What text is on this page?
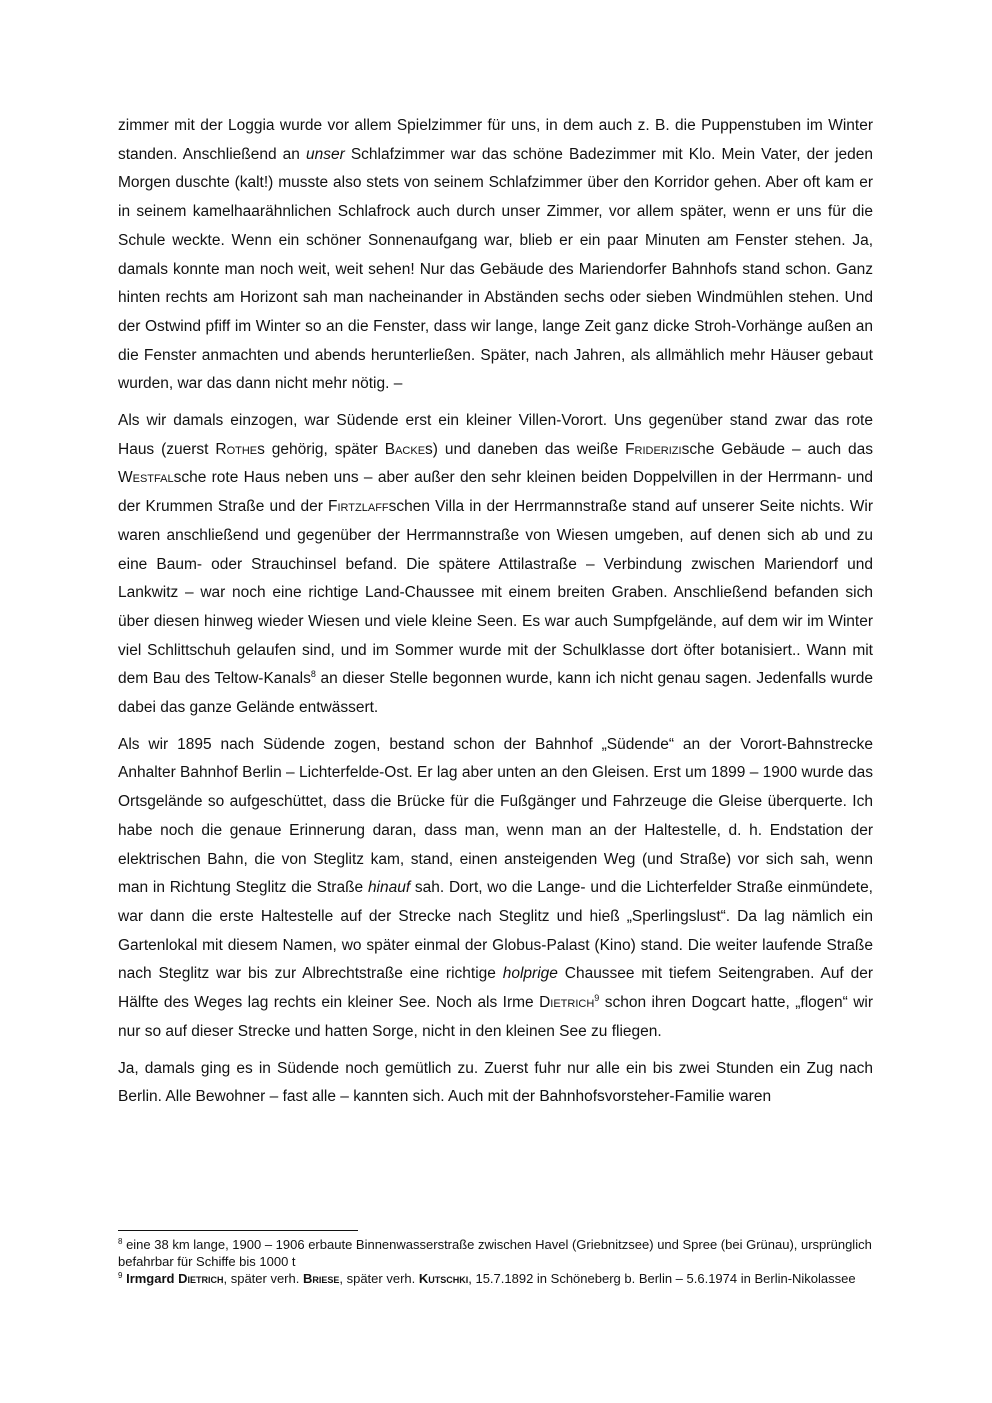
zimmer mit der Loggia wurde vor allem Spielzimmer für uns, in dem auch z. B. die Puppenstuben im Winter standen. Anschließend an unser Schlafzimmer war das schöne Badezimmer mit Klo. Mein Vater, der jeden Morgen duschte (kalt!) musste also stets von seinem Schlafzimmer über den Korridor gehen. Aber oft kam er in seinem kamelhaarähnlichen Schlafrock auch durch unser Zimmer, vor allem später, wenn er uns für die Schule weckte. Wenn ein schöner Sonnenaufgang war, blieb er ein paar Minuten am Fenster stehen. Ja, damals konnte man noch weit, weit sehen! Nur das Gebäude des Mariendorfer Bahnhofs stand schon. Ganz hinten rechts am Horizont sah man nacheinander in Abständen sechs oder sieben Windmühlen stehen. Und der Ostwind pfiff im Winter so an die Fenster, dass wir lange, lange Zeit ganz dicke Stroh-Vorhänge außen an die Fenster anmachten und abends herunterließen. Später, nach Jahren, als allmählich mehr Häuser gebaut wurden, war das dann nicht mehr nötig. –

Als wir damals einzogen, war Südende erst ein kleiner Villen-Vorort. Uns gegenüber stand zwar das rote Haus (zuerst Rothes gehörig, später Backes) und daneben das weiße Friderizische Gebäude – auch das Westfalsche rote Haus neben uns – aber außer den sehr kleinen beiden Doppelvillen in der Herrmann- und der Krummen Straße und der Firtzlaffschen Villa in der Herrmannstraße stand auf unserer Seite nichts. Wir waren anschließend und gegenüber der Herrmannstraße von Wiesen umgeben, auf denen sich ab und zu eine Baum- oder Strauchinsel befand. Die spätere Attilastraße – Verbindung zwischen Mariendorf und Lankwitz – war noch eine richtige Land-Chaussee mit einem breiten Graben. Anschließend befanden sich über diesen hinweg wieder Wiesen und viele kleine Seen. Es war auch Sumpfgelände, auf dem wir im Winter viel Schlittschuh gelaufen sind, und im Sommer wurde mit der Schulklasse dort öfter botanisiert.. Wann mit dem Bau des Teltow-Kanals$^8$ an dieser Stelle begonnen wurde, kann ich nicht genau sagen. Jedenfalls wurde dabei das ganze Gelände entwässert.

Als wir 1895 nach Südende zogen, bestand schon der Bahnhof „Südende“ an der Vorort-Bahnstrecke Anhalter Bahnhof Berlin – Lichterfelde-Ost. Er lag aber unten an den Gleisen. Erst um 1899 – 1900 wurde das Ortsgelände so aufgeschüttet, dass die Brücke für die Fußgänger und Fahrzeuge die Gleise überquerte. Ich habe noch die genaue Erinnerung daran, dass man, wenn man an der Haltestelle, d. h. Endstation der elektrischen Bahn, die von Steglitz kam, stand, einen ansteigenden Weg (und Straße) vor sich sah, wenn man in Richtung Steglitz die Straße hinauf sah. Dort, wo die Lange- und die Lichterfelder Straße einmündete, war dann die erste Haltestelle auf der Strecke nach Steglitz und hieß „Sperlingslust“. Da lag nämlich ein Gartenlokal mit diesem Namen, wo später einmal der Globus-Palast (Kino) stand. Die weiter laufende Straße nach Steglitz war bis zur Albrechtstraße eine richtige holprige Chaussee mit tiefem Seitengraben. Auf der Hälfte des Weges lag rechts ein kleiner See. Noch als Irme Dietrich$^9$ schon ihren Dogcart hatte, „flogen“ wir nur so auf dieser Strecke und hatten Sorge, nicht in den kleinen See zu fliegen.

Ja, damals ging es in Südende noch gemütlich zu. Zuerst fuhr nur alle ein bis zwei Stunden ein Zug nach Berlin. Alle Bewohner – fast alle – kannten sich. Auch mit der Bahnhofsvorsteher-Familie waren

$^8$ eine 38 km lange, 1900 – 1906 erbaute Binnenwasserstraße zwischen Havel (Griebnitzsee) und Spree (bei Grünau), ursprünglich befahrbar für Schiffe bis 1000 t

$^9$ Irmgard Dietrich, später verh. Briese, später verh. Kutschki, 15.7.1892 in Schöneberg b. Berlin – 5.6.1974 in Berlin-Nikolassee
